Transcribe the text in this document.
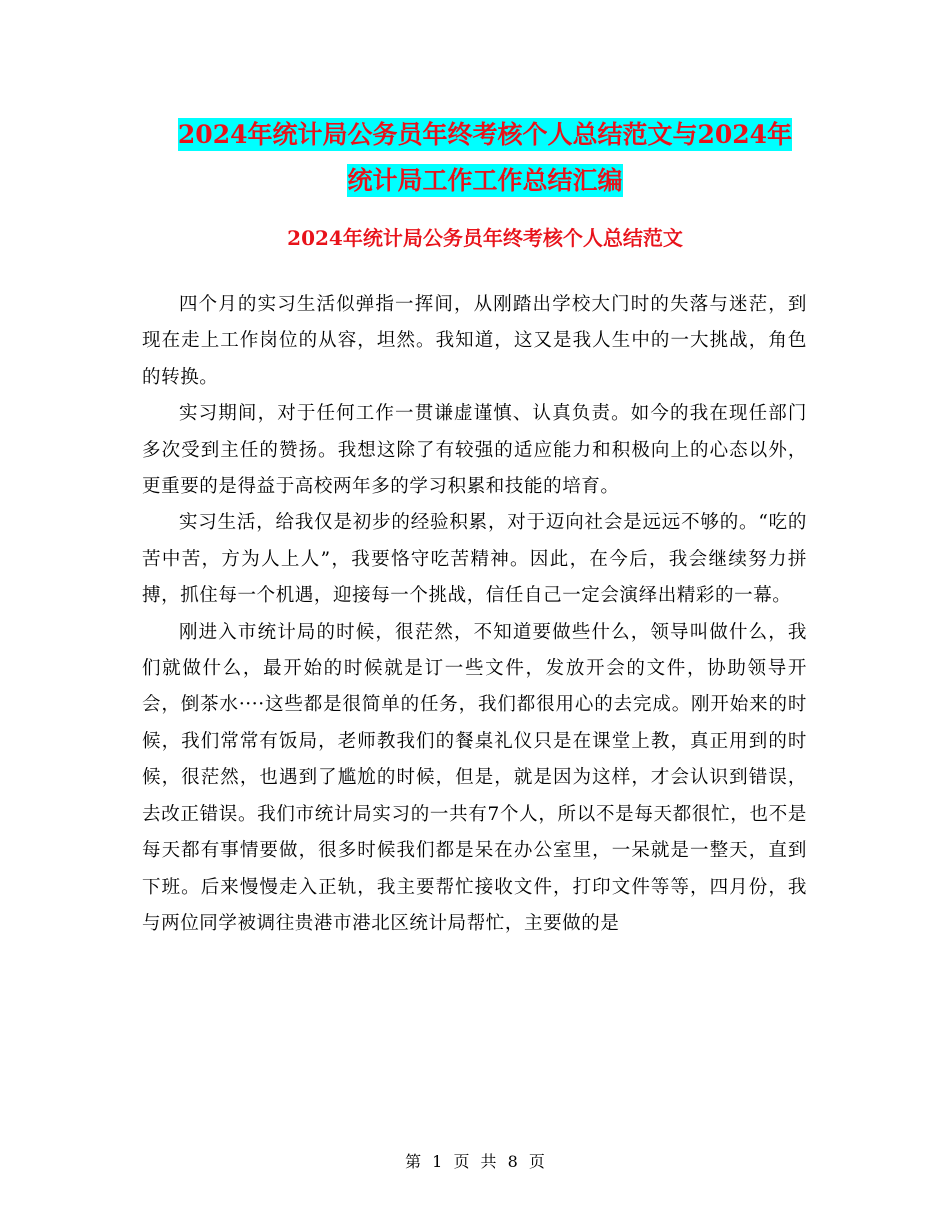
2024年统计局公务员年终考核个人总结范文与2024年
统计局工作工作总结汇编
2024年统计局公务员年终考核个人总结范文

四个月的实习生活似弹指一挥间，从刚踏出学校大门时的失落与迷茫，到现在走上工作岗位的从容，坦然。我知道，这又是我人生中的一大挑战，角色的转换。

实习期间，对于任何工作一贯谦虚谨慎、认真负责。如今的我在现任部门多次受到主任的赞扬。我想这除了有较强的适应能力和积极向上的心态以外，更重要的是得益于高校两年多的学习积累和技能的培育。

实习生活，给我仅是初步的经验积累，对于迈向社会是远远不够的。“吃的苦中苦，方为人上人”，我要恪守吃苦精神。因此，在今后，我会继续努力拼搏，抓住每一个机遇，迎接每一个挑战，信任自己一定会演绎出精彩的一幕。

刚进入市统计局的时候，很茫然，不知道要做些什么，领导叫做什么，我们就做什么，最开始的时候就是订一些文件，发放开会的文件，协助领导开会，倒茶水····这些都是很简单的任务，我们都很用心的去完成。刚开始来的时候，我们常常有饭局，老师教我们的餐桌礼仪只是在课堂上教，真正用到的时候，很茫然，也遇到了尴尬的时候，但是，就是因为这样，才会认识到错误，去改正错误。我们市统计局实习的一共有7个人，所以不是每天都很忙，也不是每天都有事情要做，很多时候我们都是呆在办公室里，一呆就是一整天，直到下班。后来慢慢走入正轨，我主要帮忙接收文件，打印文件等等，四月份，我与两位同学被调往贵港市港北区统计局帮忙，主要做的是

第 1 页 共 8 页
